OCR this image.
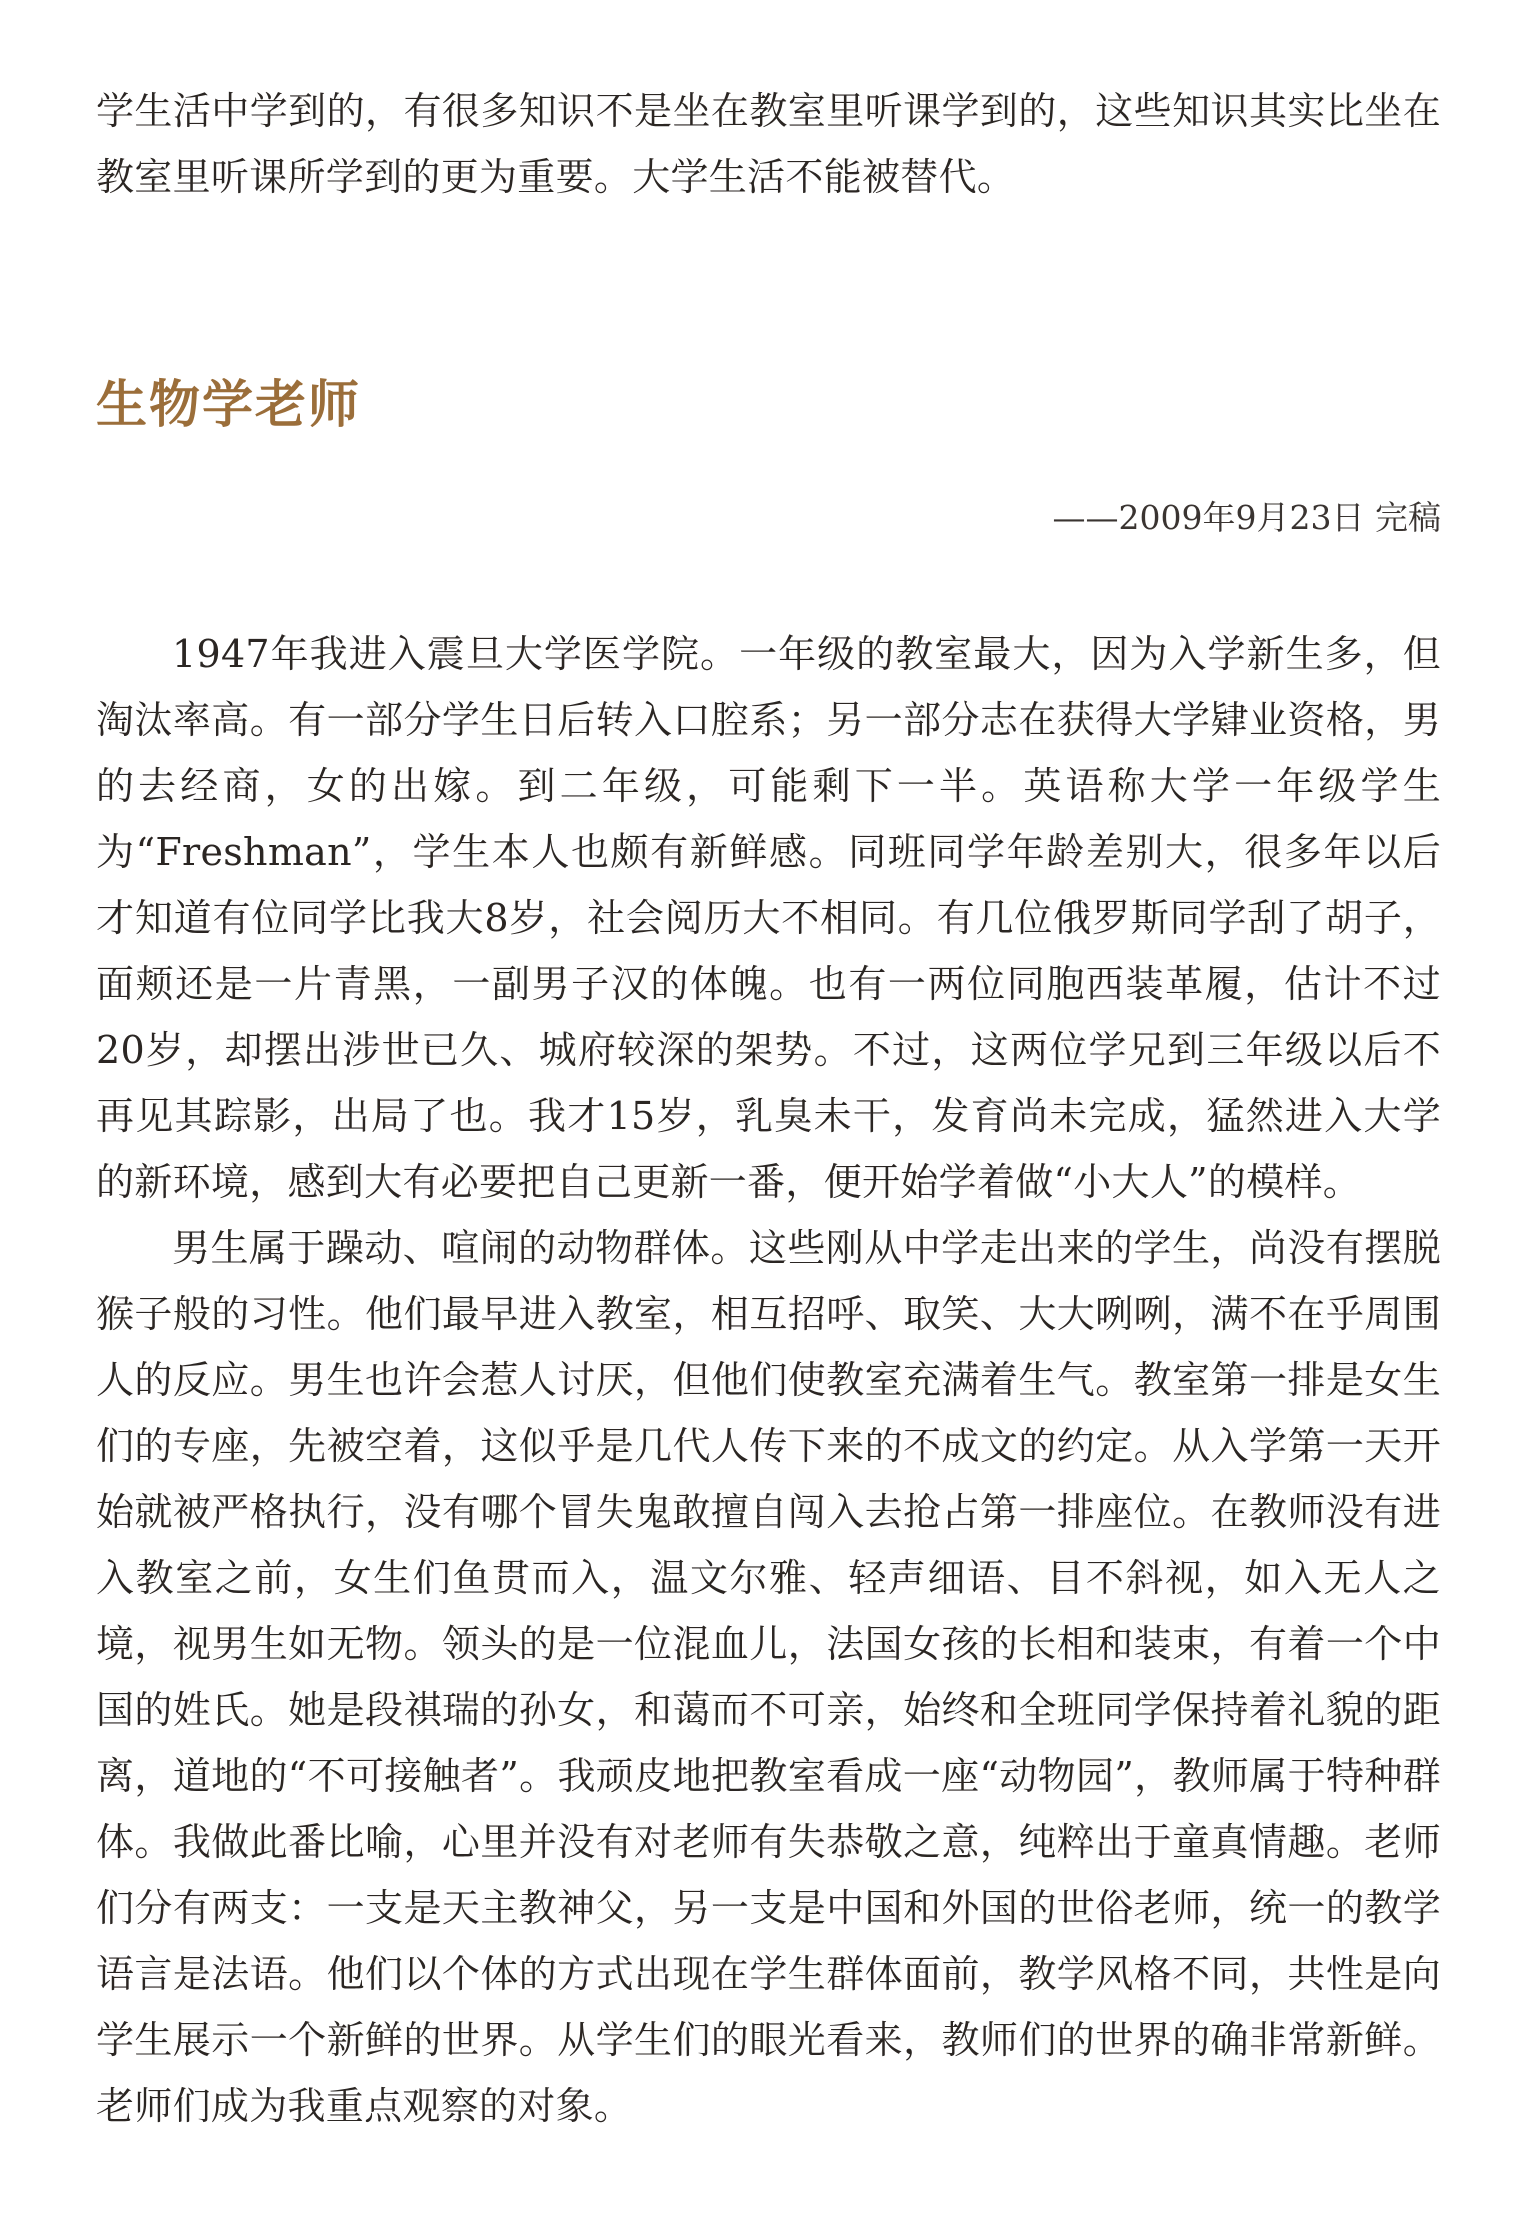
学生活中学到的，有很多知识不是坐在教室里听课学到的，这些知识其实比坐在教室里听课所学到的更为重要。大学生活不能被替代。

生物学老师
——2009年9月23日 完稿

1947年我进入震旦大学医学院。一年级的教室最大，因为入学新生多，但淘汰率高。有一部分学生日后转入口腔系；另一部分志在获得大学肄业资格，男的去经商，女的出嫁。到二年级，可能剩下一半。英语称大学一年级学生为“Freshman”，学生本人也颇有新鲜感。同班同学年龄差别大，很多年以后才知道有位同学比我大8岁，社会阅历大不相同。有几位俄罗斯同学刮了胡子，面颊还是一片青黑，一副男子汉的体魄。也有一两位同胞西装革履，估计不过20岁，却摆出涉世已久、城府较深的架势。不过，这两位学兄到三年级以后不再见其踪影，出局了也。我才15岁，乳臭未干，发育尚未完成，猛然进入大学的新环境，感到大有必要把自己更新一番，便开始学着做“小大人”的模样。

男生属于躁动、喧闹的动物群体。这些刚从中学走出来的学生，尚没有摆脱猴子般的习性。他们最早进入教室，相互招呼、取笑、大大咧咧，满不在乎周围人的反应。男生也许会惹人讨厌，但他们使教室充满着生气。教室第一排是女生们的专座，先被空着，这似乎是几代人传下来的不成文的约定。从入学第一天开始就被严格执行，没有哪个冒失鬼敢擅自闯入去抢占第一排座位。在教师没有进入教室之前，女生们鱼贯而入，温文尔雅、轻声细语、目不斜视，如入无人之境，视男生如无物。领头的是一位混血儿，法国女孩的长相和装束，有着一个中国的姓氏。她是段祺瑞的孙女，和蔼而不可亲，始终和全班同学保持着礼貌的距离，道地的“不可接触者”。我顽皮地把教室看成一座“动物园”，教师属于特种群体。我做此番比喻，心里并没有对老师有失恭敬之意，纯粹出于童真情趣。老师们分有两支：一支是天主教神父，另一支是中国和外国的世俗老师，统一的教学语言是法语。他们以个体的方式出现在学生群体面前，教学风格不同，共性是向学生展示一个新鲜的世界。从学生们的眼光看来，教师们的世界的确非常新鲜。老师们成为我重点观察的对象。
